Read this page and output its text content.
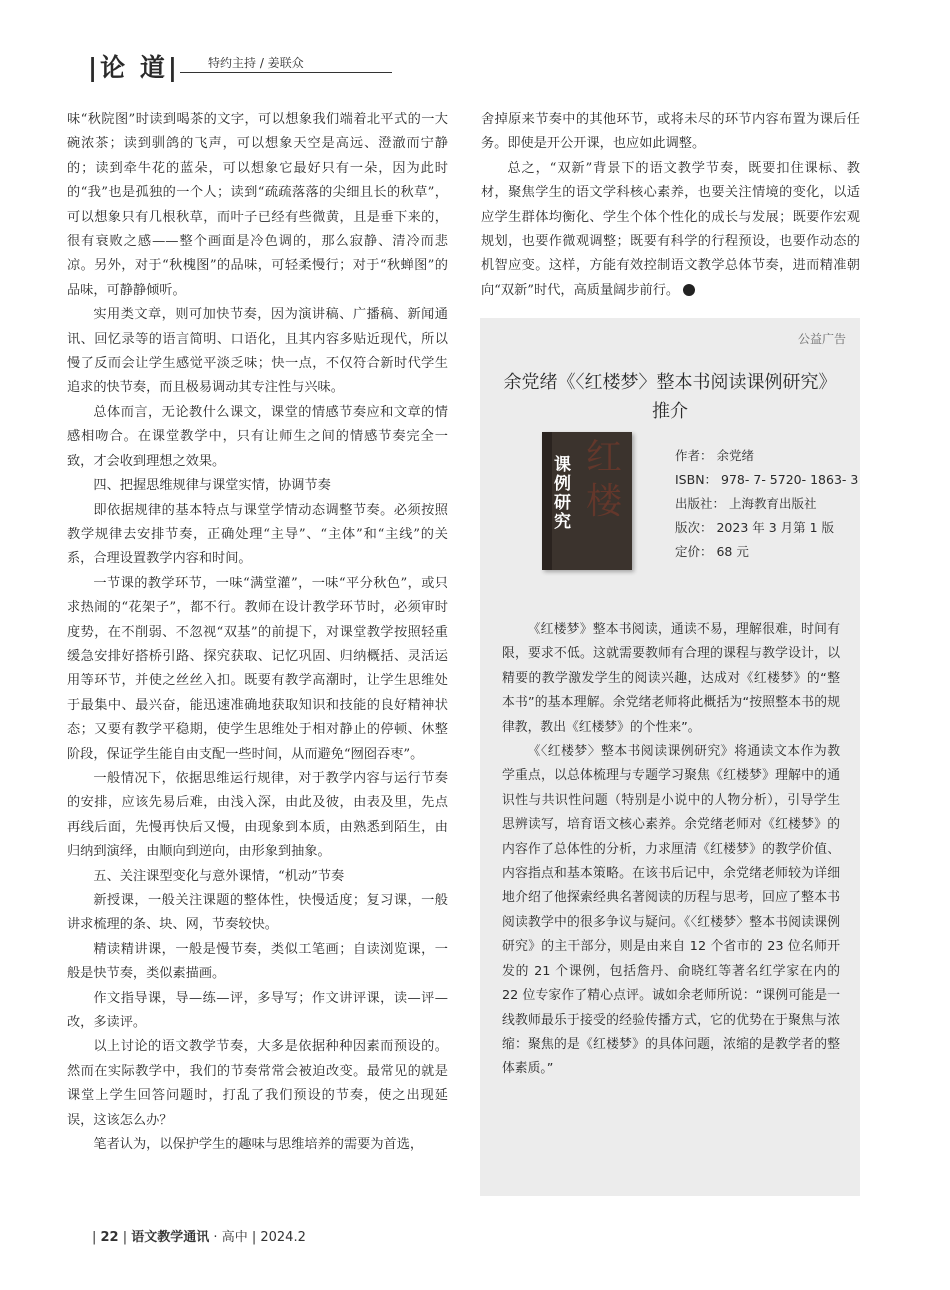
|论 道| 特约主持 / 姜联众

味“秋院图”时读到喝茶的文字，可以想象我们端着北平式的一大碗浓茶；读到驯鸽的飞声，可以想象天空是高远、澄澈而宁静的；读到牵牛花的蓝朵，可以想象它最好只有一朵，因为此时的“我”也是孤独的一个人；读到“疏疏落落的尖细且长的秋草”，可以想象只有几根秋草，而叶子已经有些微黄，且是垂下来的，很有衰败之感——整个画面是冷色调的，那么寂静、清冷而悲凉。另外，对于“秋槐图”的品味，可轻柔慢行；对于“秋蝉图”的品味，可静静倾听。

实用类文章，则可加快节奏，因为演讲稿、广播稿、新闻通讯、回忆录等的语言简明、口语化，且其内容多贴近现代，所以慢了反而会让学生感觉平淡乏味；快一点，不仅符合新时代学生追求的快节奏，而且极易调动其专注性与兴味。

总体而言，无论教什么课文，课堂的情感节奏应和文章的情感相吻合。在课堂教学中，只有让师生之间的情感节奏完全一致，才会收到理想之效果。

四、把握思维规律与课堂实情，协调节奏

即依据规律的基本特点与课堂学情动态调整节奏。必须按照教学规律去安排节奏，正确处理“主导”、“主体”和“主线”的关系，合理设置教学内容和时间。

一节课的教学环节，一味“满堂灌”，一味“平分秋色”，或只求热闹的“花架子”，都不行。教师在设计教学环节时，必须审时度势，在不削弱、不忽视“双基”的前提下，对课堂教学按照轻重缓急安排好搭桥引路、探究获取、记忆巩固、归纳概括、灵活运用等环节，并使之丝丝入扣。既要有教学高潮时，让学生思维处于最集中、最兴奋，能迅速准确地获取知识和技能的良好精神状态；又要有教学平稳期，使学生思维处于相对静止的停顿、休整阶段，保证学生能自由支配一些时间，从而避免“囫囵吞枣”。

一般情况下，依据思维运行规律，对于教学内容与运行节奏的安排，应该先易后难，由浅入深，由此及彼，由表及里，先点再线后面，先慢再快后又慢，由现象到本质，由熟悉到陌生，由归纳到演绎，由顺向到逆向，由形象到抽象。

五、关注课型变化与意外课情，“机动”节奏

新授课，一般关注课题的整体性，快慢适度；复习课，一般讲求梳理的条、块、网，节奏较快。

精读精讲课，一般是慢节奏，类似工笔画；自读浏览课，一般是快节奏，类似素描画。

作文指导课，导—练—评，多导写；作文讲评课，读—评—改，多读评。

以上讨论的语文教学节奏，大多是依据种种因素而预设的。然而在实际教学中，我们的节奏常常会被迫改变。最常见的就是课堂上学生回答问题时，打乱了我们预设的节奏，使之出现延误，这该怎么办？

笔者认为，以保护学生的趣味与思维培养的需要为首选，

舍掉原来节奏中的其他环节，或将未尽的环节内容布置为课后任务。即使是开公开课，也应如此调整。

总之，“双新”背景下的语文教学节奏，既要扣住课标、教材，聚焦学生的语文学科核心素养，也要关注情境的变化，以适应学生群体均衡化、学生个体个性化的成长与发展；既要作宏观规划，也要作微观调整；既要有科学的行程预设，也要作动态的机智应变。这样，方能有效控制语文教学总体节奏，进而精准朝向“双新”时代，高质量阔步前行。

公益广告
余党绪《〈红楼梦〉整本书阅读课例研究》
推介
课例研究
红楼
作者： 余党绪
ISBN： 978- 7- 5720- 1863- 3
出版社： 上海教育出版社
版次： 2023 年 3 月第 1 版
定价： 68 元

《红楼梦》整本书阅读，通读不易，理解很难，时间有限，要求不低。这就需要教师有合理的课程与教学设计，以精要的教学激发学生的阅读兴趣，达成对《红楼梦》的“整本书”的基本理解。余党绪老师将此概括为“按照整本书的规律教，教出《红楼梦》的个性来”。

《〈红楼梦〉整本书阅读课例研究》将通读文本作为教学重点，以总体梳理与专题学习聚焦《红楼梦》理解中的通识性与共识性问题（特别是小说中的人物分析），引导学生思辨读写，培育语文核心素养。余党绪老师对《红楼梦》的内容作了总体性的分析，力求厘清《红楼梦》的教学价值、内容指点和基本策略。在该书后记中，余党绪老师较为详细地介绍了他探索经典名著阅读的历程与思考，回应了整本书阅读教学中的很多争议与疑问。《〈红楼梦〉整本书阅读课例研究》的主干部分，则是由来自 12 个省市的 23 位名师开发的 21 个课例，包括詹丹、俞晓红等著名红学家在内的 22 位专家作了精心点评。诚如余老师所说：“课例可能是一线教师最乐于接受的经验传播方式，它的优势在于聚焦与浓缩：聚焦的是《红楼梦》的具体问题，浓缩的是教学者的整体素质。”

| 22 | 语文教学通讯 · 高中 | 2024.2
